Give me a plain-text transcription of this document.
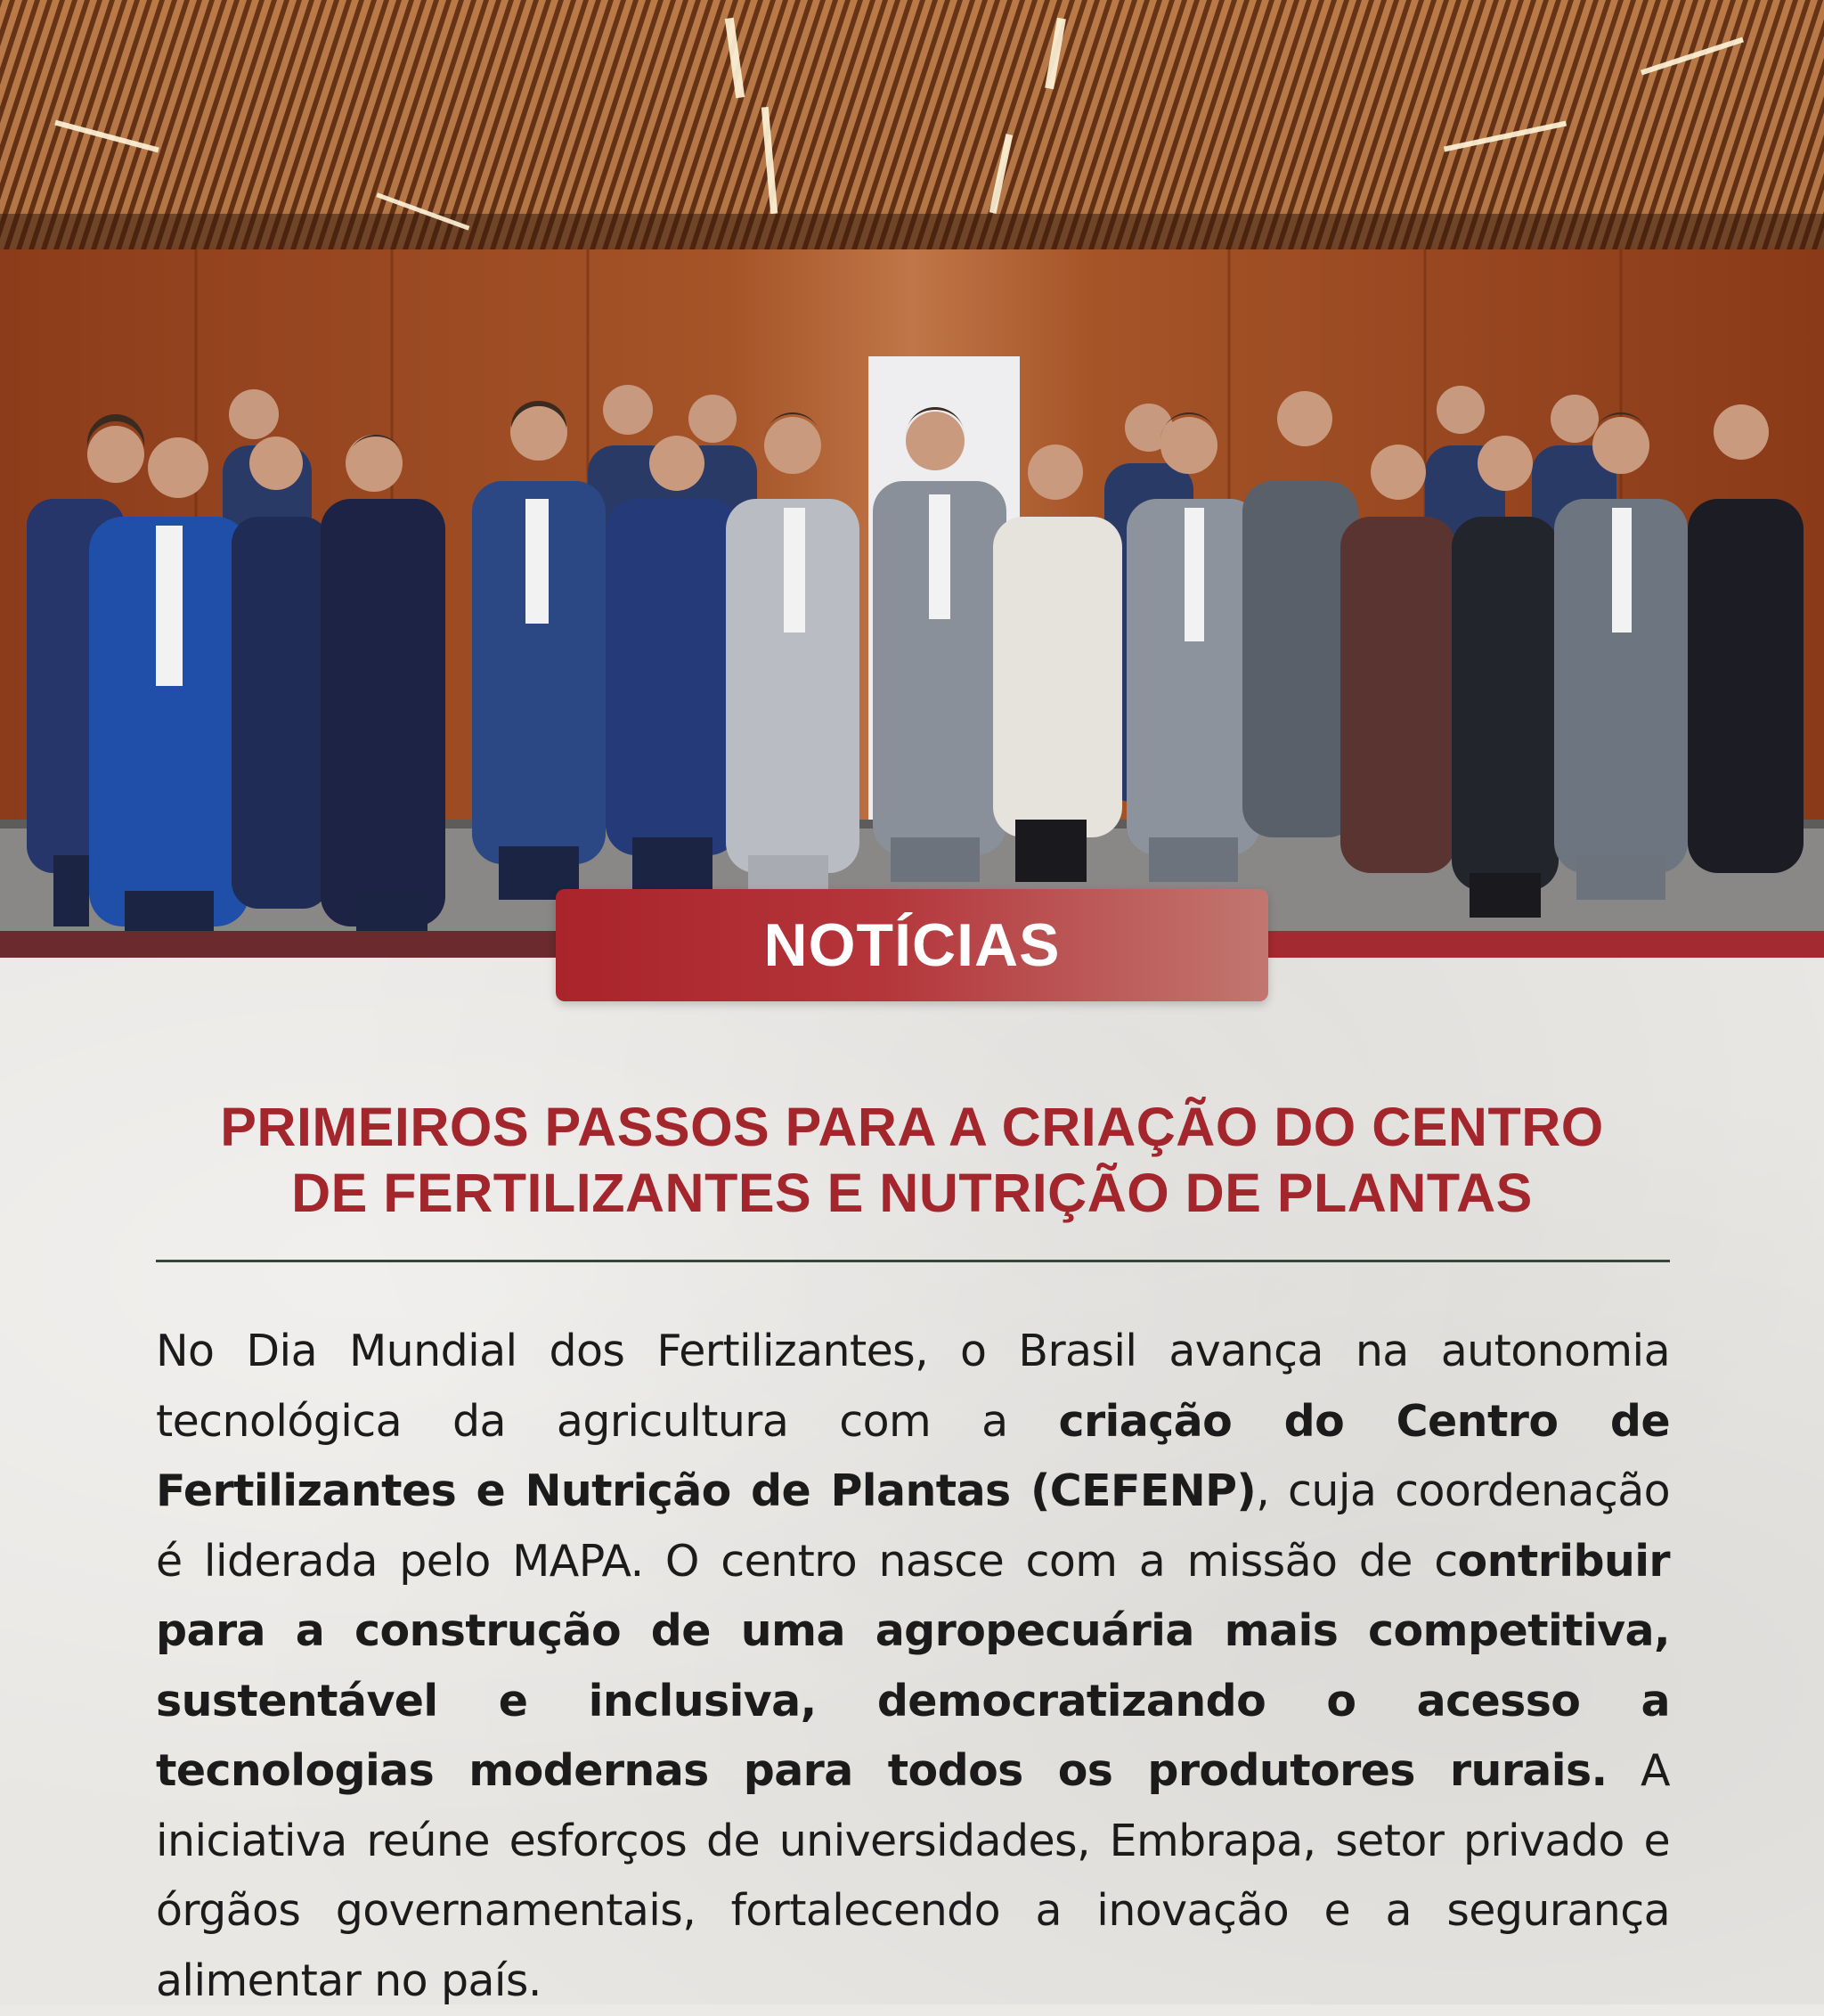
NOTÍCIAS
PRIMEIROS PASSOS PARA A CRIAÇÃO DO CENTRO
DE FERTILIZANTES E NUTRIÇÃO DE PLANTAS

No Dia Mundial dos Fertilizantes, o Brasil avança na autonomia tecnológica da agricultura com a criação do Centro de Fertilizantes e Nutrição de Plantas (CEFENP), cuja coordenação é liderada pelo MAPA. O centro nasce com a missão de contribuir para a construção de uma agropecuária mais competitiva, sustentável e inclusiva, democratizando o acesso a tecnologias modernas para todos os produtores rurais. A iniciativa reúne esforços de universidades, Embrapa, setor privado e órgãos governamentais, fortalecendo a inovação e a segurança alimentar no país.
